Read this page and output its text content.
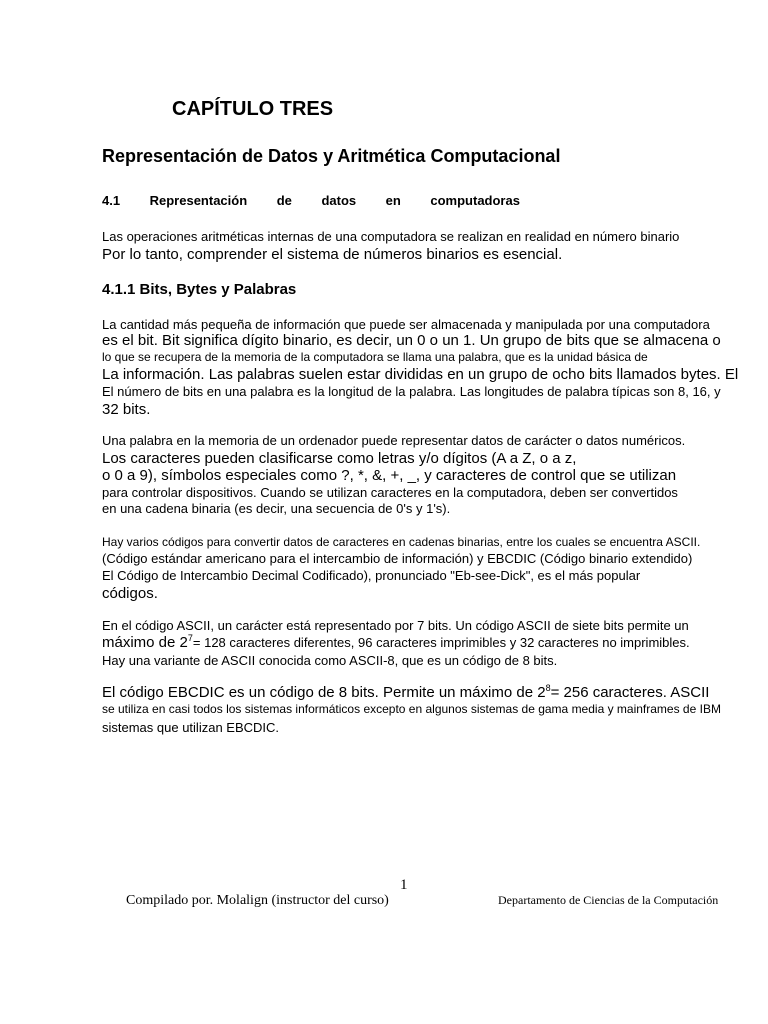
CAPÍTULO TRES
Representación de Datos y Aritmética Computacional
4.1 Representación de datos en computadoras

Las operaciones aritméticas internas de una computadora se realizan en realidad en número binario

Por lo tanto, comprender el sistema de números binarios es esencial.

4.1.1 Bits, Bytes y Palabras

La cantidad más pequeña de información que puede ser almacenada y manipulada por una computadora

es el bit. Bit significa dígito binario, es decir, un 0 o un 1. Un grupo de bits que se almacena o

lo que se recupera de la memoria de la computadora se llama una palabra, que es la unidad básica de

La información. Las palabras suelen estar divididas en un grupo de ocho bits llamados bytes. El

El número de bits en una palabra es la longitud de la palabra. Las longitudes de palabra típicas son 8, 16, y

32 bits.

Una palabra en la memoria de un ordenador puede representar datos de carácter o datos numéricos.

Los caracteres pueden clasificarse como letras y/o dígitos (A a Z, o a z,

o 0 a 9), símbolos especiales como ?, *, &, +, _, y caracteres de control que se utilizan

para controlar dispositivos. Cuando se utilizan caracteres en la computadora, deben ser convertidos

en una cadena binaria (es decir, una secuencia de 0's y 1's).

Hay varios códigos para convertir datos de caracteres en cadenas binarias, entre los cuales se encuentra ASCII.

(Código estándar americano para el intercambio de información) y EBCDIC (Código binario extendido)

El Código de Intercambio Decimal Codificado), pronunciado "Eb-see-Dick", es el más popular

códigos.

En el código ASCII, un carácter está representado por 7 bits. Un código ASCII de siete bits permite un

máximo de $2^7= 128$ caracteres diferentes, 96 caracteres imprimibles y 32 caracteres no imprimibles.

Hay una variante de ASCII conocida como ASCII-8, que es un código de 8 bits.

El código EBCDIC es un código de 8 bits. Permite un máximo de $2^8= 256$ caracteres. ASCII

se utiliza en casi todos los sistemas informáticos excepto en algunos sistemas de gama media y mainframes de IBM

sistemas que utilizan EBCDIC.

1
Compilado por. Molalign (instructor del curso)	Departamento de Ciencias de la Computación
